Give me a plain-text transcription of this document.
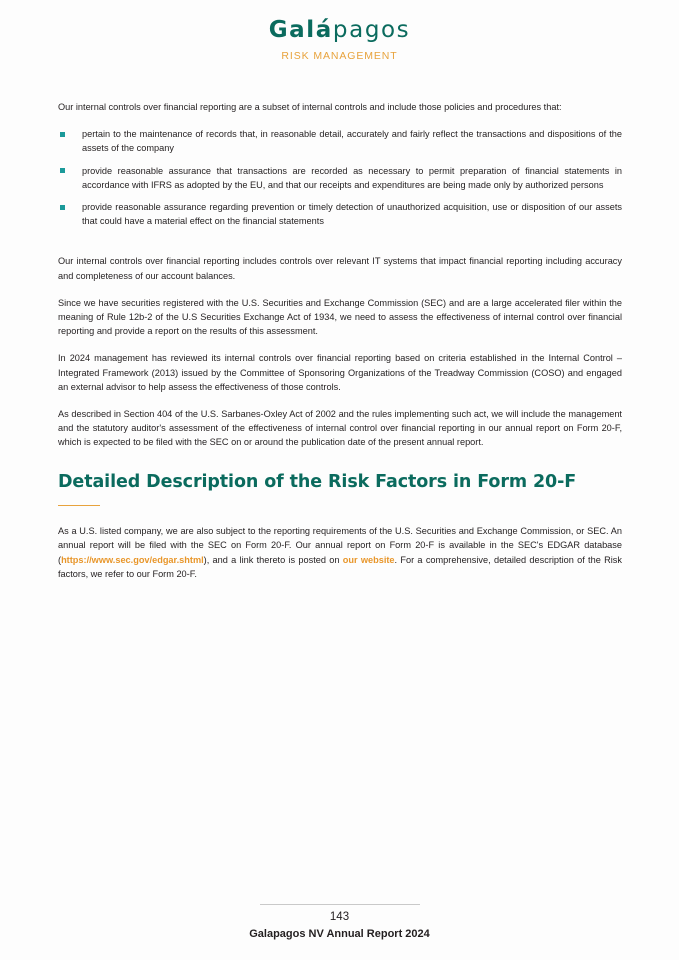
Galápagos
RISK MANAGEMENT

Our internal controls over financial reporting are a subset of internal controls and include those policies and procedures that:

pertain to the maintenance of records that, in reasonable detail, accurately and fairly reflect the transactions and dispositions of the assets of the company
provide reasonable assurance that transactions are recorded as necessary to permit preparation of financial statements in accordance with IFRS as adopted by the EU, and that our receipts and expenditures are being made only by authorized persons
provide reasonable assurance regarding prevention or timely detection of unauthorized acquisition, use or disposition of our assets that could have a material effect on the financial statements

Our internal controls over financial reporting includes controls over relevant IT systems that impact financial reporting including accuracy and completeness of our account balances.

Since we have securities registered with the U.S. Securities and Exchange Commission (SEC) and are a large accelerated filer within the meaning of Rule 12b-2 of the U.S Securities Exchange Act of 1934, we need to assess the effectiveness of internal control over financial reporting and provide a report on the results of this assessment.

In 2024 management has reviewed its internal controls over financial reporting based on criteria established in the Internal Control – Integrated Framework (2013) issued by the Committee of Sponsoring Organizations of the Treadway Commission (COSO) and engaged an external advisor to help assess the effectiveness of those controls.

As described in Section 404 of the U.S. Sarbanes-Oxley Act of 2002 and the rules implementing such act, we will include the management and the statutory auditor's assessment of the effectiveness of internal control over financial reporting in our annual report on Form 20-F, which is expected to be filed with the SEC on or around the publication date of the present annual report.

Detailed Description of the Risk Factors in Form 20-F

As a U.S. listed company, we are also subject to the reporting requirements of the U.S. Securities and Exchange Commission, or SEC. An annual report will be filed with the SEC on Form 20-F. Our annual report on Form 20-F is available in the SEC's EDGAR database (https://www.sec.gov/edgar.shtml), and a link thereto is posted on our website. For a comprehensive, detailed description of the Risk factors, we refer to our Form 20-F.

143
Galapagos NV Annual Report 2024
